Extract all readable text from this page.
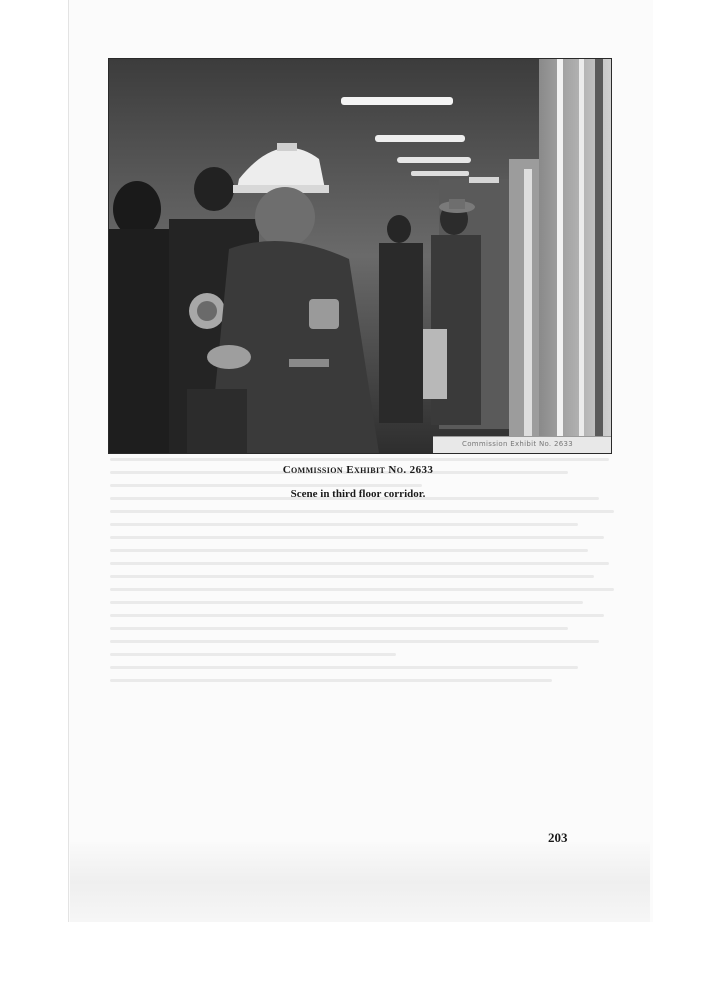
Commission Exhibit No. 2633
Commission Exhibit No. 2633
Scene in third floor corridor.
203
